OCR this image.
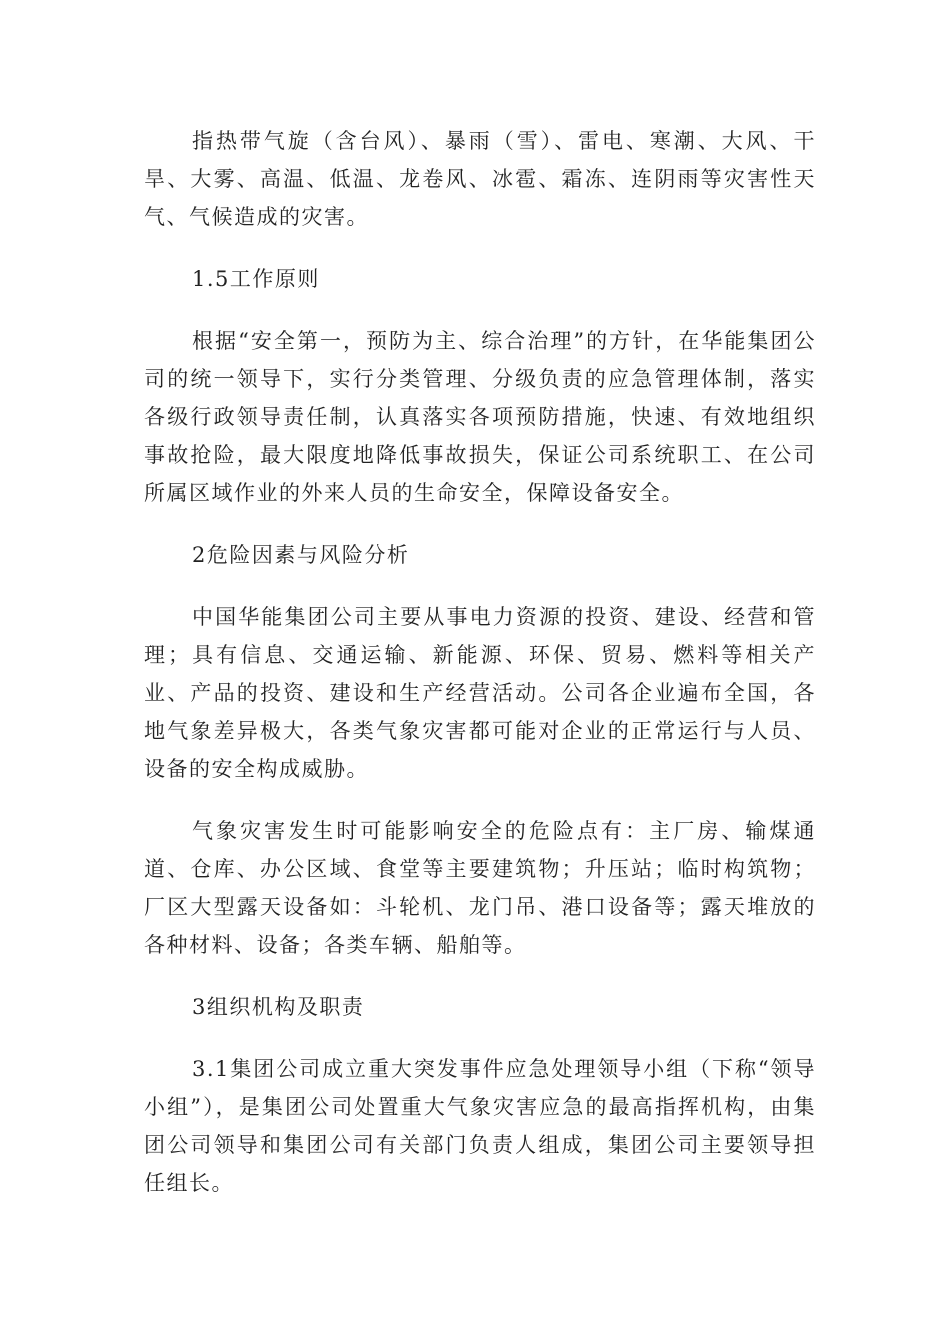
指热带气旋（含台风）、暴雨（雪）、雷电、寒潮、大风、干旱、大雾、高温、低温、龙卷风、冰雹、霜冻、连阴雨等灾害性天气、气候造成的灾害。

1.5工作原则

根据“安全第一，预防为主、综合治理”的方针，在华能集团公司的统一领导下，实行分类管理、分级负责的应急管理体制，落实各级行政领导责任制，认真落实各项预防措施，快速、有效地组织事故抢险，最大限度地降低事故损失，保证公司系统职工、在公司所属区域作业的外来人员的生命安全，保障设备安全。

2危险因素与风险分析

中国华能集团公司主要从事电力资源的投资、建设、经营和管理；具有信息、交通运输、新能源、环保、贸易、燃料等相关产业、产品的投资、建设和生产经营活动。公司各企业遍布全国，各地气象差异极大，各类气象灾害都可能对企业的正常运行与人员、设备的安全构成威胁。

气象灾害发生时可能影响安全的危险点有：主厂房、输煤通道、仓库、办公区域、食堂等主要建筑物；升压站；临时构筑物；厂区大型露天设备如：斗轮机、龙门吊、港口设备等；露天堆放的各种材料、设备；各类车辆、船舶等。

3组织机构及职责

3.1集团公司成立重大突发事件应急处理领导小组（下称“领导小组”），是集团公司处置重大气象灾害应急的最高指挥机构，由集团公司领导和集团公司有关部门负责人组成，集团公司主要领导担任组长。
